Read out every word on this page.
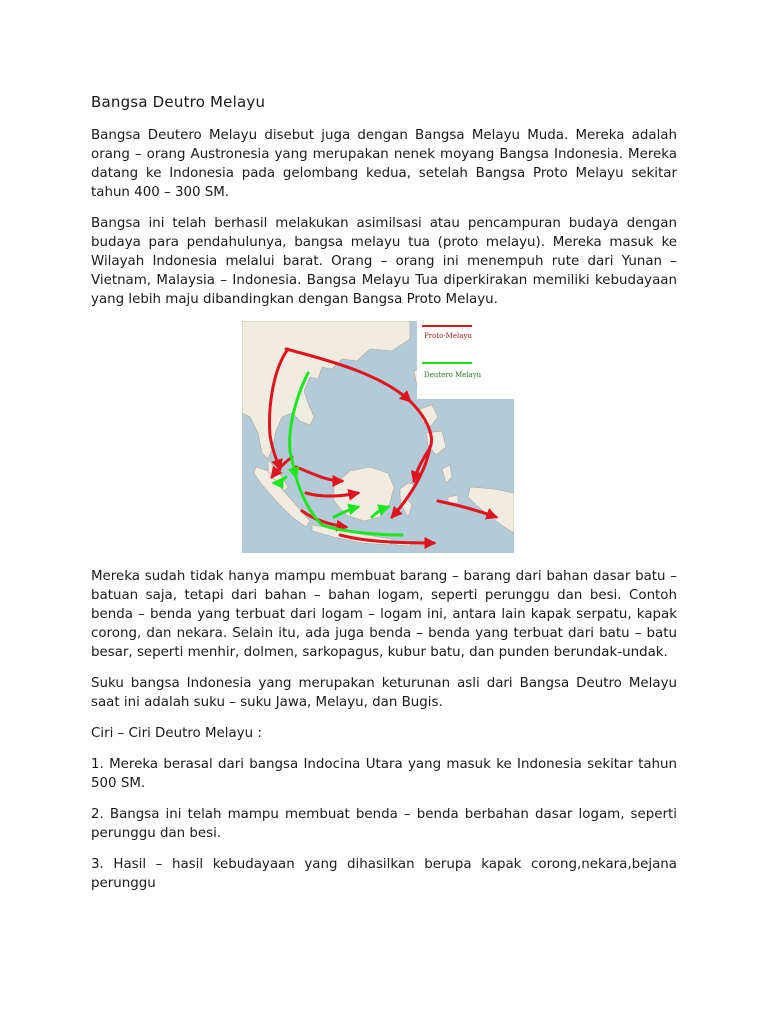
Bangsa Deutro Melayu

Bangsa Deutero Melayu disebut juga dengan Bangsa Melayu Muda. Mereka adalah orang – orang Austronesia yang merupakan nenek moyang Bangsa Indonesia. Mereka datang ke Indonesia pada gelombang kedua, setelah Bangsa Proto Melayu sekitar tahun 400 – 300 SM.

Bangsa ini telah berhasil melakukan asimilsasi atau pencampuran budaya dengan budaya para pendahulunya, bangsa melayu tua (proto melayu). Mereka masuk ke Wilayah Indonesia melalui barat. Orang – orang ini menempuh rute dari Yunan – Vietnam, Malaysia – Indonesia. Bangsa Melayu Tua diperkirakan memiliki kebudayaan yang lebih maju dibandingkan dengan Bangsa Proto Melayu.

Proto-Melayu
Deutero Melayu

Mereka sudah tidak hanya mampu membuat barang – barang dari bahan dasar batu – batuan saja, tetapi dari bahan – bahan logam, seperti perunggu dan besi. Contoh benda – benda yang terbuat dari logam – logam ini, antara lain kapak serpatu, kapak corong, dan nekara. Selain itu, ada juga benda – benda yang terbuat dari batu – batu besar, seperti menhir, dolmen, sarkopagus, kubur batu, dan punden berundak-undak.

Suku bangsa Indonesia yang merupakan keturunan asli dari Bangsa Deutro Melayu saat ini adalah suku – suku Jawa, Melayu, dan Bugis.

Ciri – Ciri Deutro Melayu :

1. Mereka berasal dari bangsa Indocina Utara yang masuk ke Indonesia sekitar tahun 500 SM.

2. Bangsa ini telah mampu membuat benda – benda berbahan dasar logam, seperti perunggu dan besi.

3. Hasil – hasil kebudayaan yang dihasilkan berupa kapak corong,nekara,bejana perunggu
